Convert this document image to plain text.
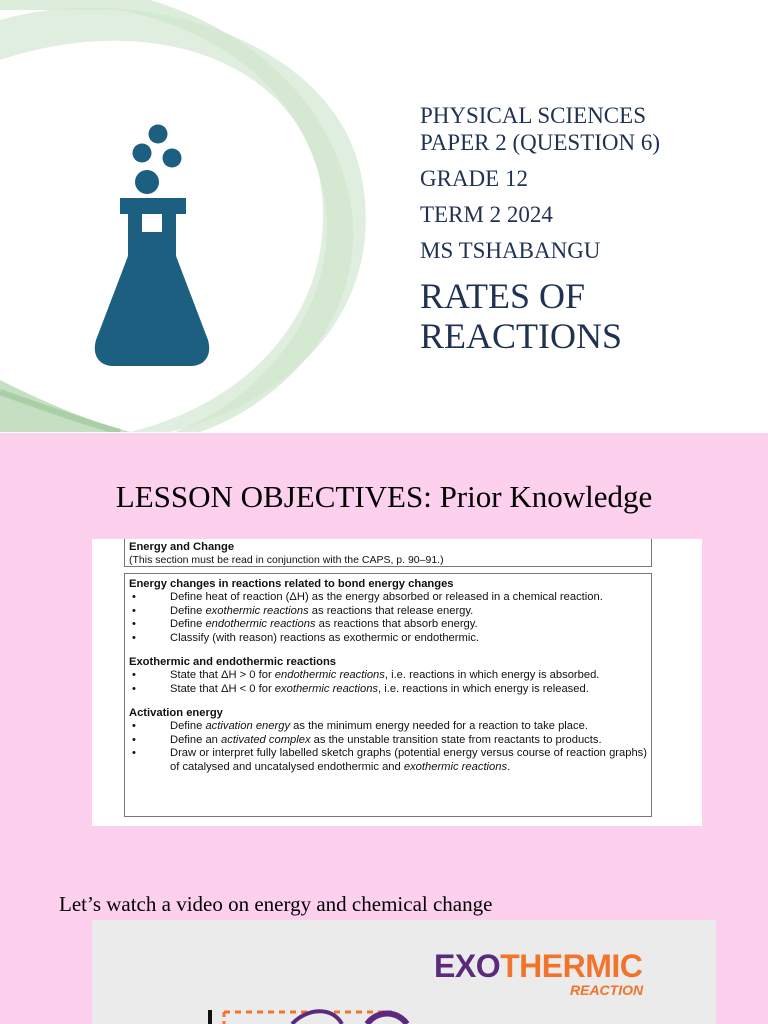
PHYSICAL SCIENCES

PAPER 2 (QUESTION 6)

GRADE 12

TERM 2 2024

MS TSHABANGU

RATES OF

REACTIONS

LESSON OBJECTIVES: Prior Knowledge

Energy and Change
(This section must be read in conjunction with the CAPS, p. 90–91.)
Energy changes in reactions related to bond energy changes
• Define heat of reaction (ΔH) as the energy absorbed or released in a chemical reaction.
• Define exothermic reactions as reactions that release energy.
• Define endothermic reactions as reactions that absorb energy.
• Classify (with reason) reactions as exothermic or endothermic.
Exothermic and endothermic reactions
• State that ΔH > 0 for endothermic reactions, i.e. reactions in which energy is absorbed.
• State that ΔH < 0 for exothermic reactions, i.e. reactions in which energy is released.
Activation energy
• Define activation energy as the minimum energy needed for a reaction to take place.
• Define an activated complex as the unstable transition state from reactants to products.
• Draw or interpret fully labelled sketch graphs (potential energy versus course of reaction graphs) of catalysed and uncatalysed endothermic and exothermic reactions.

Let’s watch a video on energy and chemical change

EXOTHERMIC
REACTION
